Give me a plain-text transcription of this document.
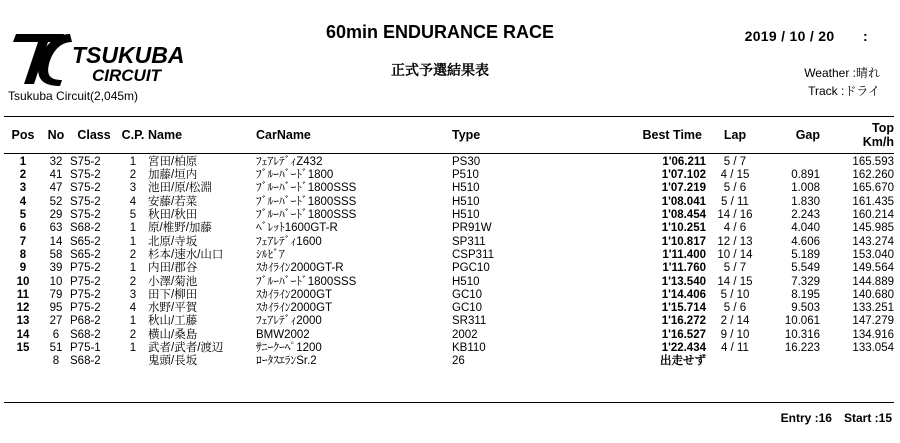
TSUKUBA
CIRCUIT
Tsukuba Circuit(2,045m)
60min ENDURANCE RACE
正式予選結果表
2019 / 10 / 20　　:
Weather :晴れ
Track :ドライ
Pos	No	Class	C.P.	Name	CarName	Type	Best Time	Lap	Gap	Top
Km/h

1	32	S75-2	1	宮田/柏原	ﾌｪｱﾚﾃﾞｨZ432	PS30	1'06.211	5 / 7		165.593
2	41	S75-2	2	加藤/垣内	ﾌﾞﾙｰﾊﾞｰﾄﾞ1800	P510	1'07.102	4 / 15	0.891	162.260
3	47	S75-2	3	池田/原/松淵	ﾌﾞﾙｰﾊﾞｰﾄﾞ1800SSS	H510	1'07.219	5 / 6	1.008	165.670
4	52	S75-2	4	安藤/若菜	ﾌﾞﾙｰﾊﾞｰﾄﾞ1800SSS	H510	1'08.041	5 / 11	1.830	161.435
5	29	S75-2	5	秋田/秋田	ﾌﾞﾙｰﾊﾞｰﾄﾞ1800SSS	H510	1'08.454	14 / 16	2.243	160.214
6	63	S68-2	1	原/椎野/加藤	ﾍﾞﾚｯﾄ1600GT-R	PR91W	1'10.251	4 / 6	4.040	145.985
7	14	S65-2	1	北原/寺坂	ﾌｪｱﾚﾃﾞｨ1600	SP311	1'10.817	12 / 13	4.606	143.274
8	58	S65-2	2	杉本/速水/山口	ｼﾙﾋﾞｱ	CSP311	1'11.400	10 / 14	5.189	153.040
9	39	P75-2	1	内田/郡谷	ｽｶｲﾗｲﾝ2000GT-R	PGC10	1'11.760	5 / 7	5.549	149.564
10	10	P75-2	2	小澤/菊池	ﾌﾞﾙｰﾊﾞｰﾄﾞ1800SSS	H510	1'13.540	14 / 15	7.329	144.889
11	79	P75-2	3	田下/柳田	ｽｶｲﾗｲﾝ2000GT	GC10	1'14.406	5 / 10	8.195	140.680
12	95	P75-2	4	水野/平賀	ｽｶｲﾗｲﾝ2000GT	GC10	1'15.714	5 / 6	9.503	133.251
13	27	P68-2	1	秋山/工藤	ﾌｪｱﾚﾃﾞｨ2000	SR311	1'16.272	2 / 14	10.061	147.279
14	6	S68-2	2	横山/桑島	BMW2002	2002	1'16.527	9 / 10	10.316	134.916
15	51	P75-1	1	武者/武者/渡辺	ｻﾆｰｸｰﾍﾟ1200	KB110	1'22.434	4 / 11	16.223	133.054
	8	S68-2		鬼頭/長坂	ﾛｰﾀｽｴﾗﾝSr.2	26	出走せず			
Entry :16　Start :15
